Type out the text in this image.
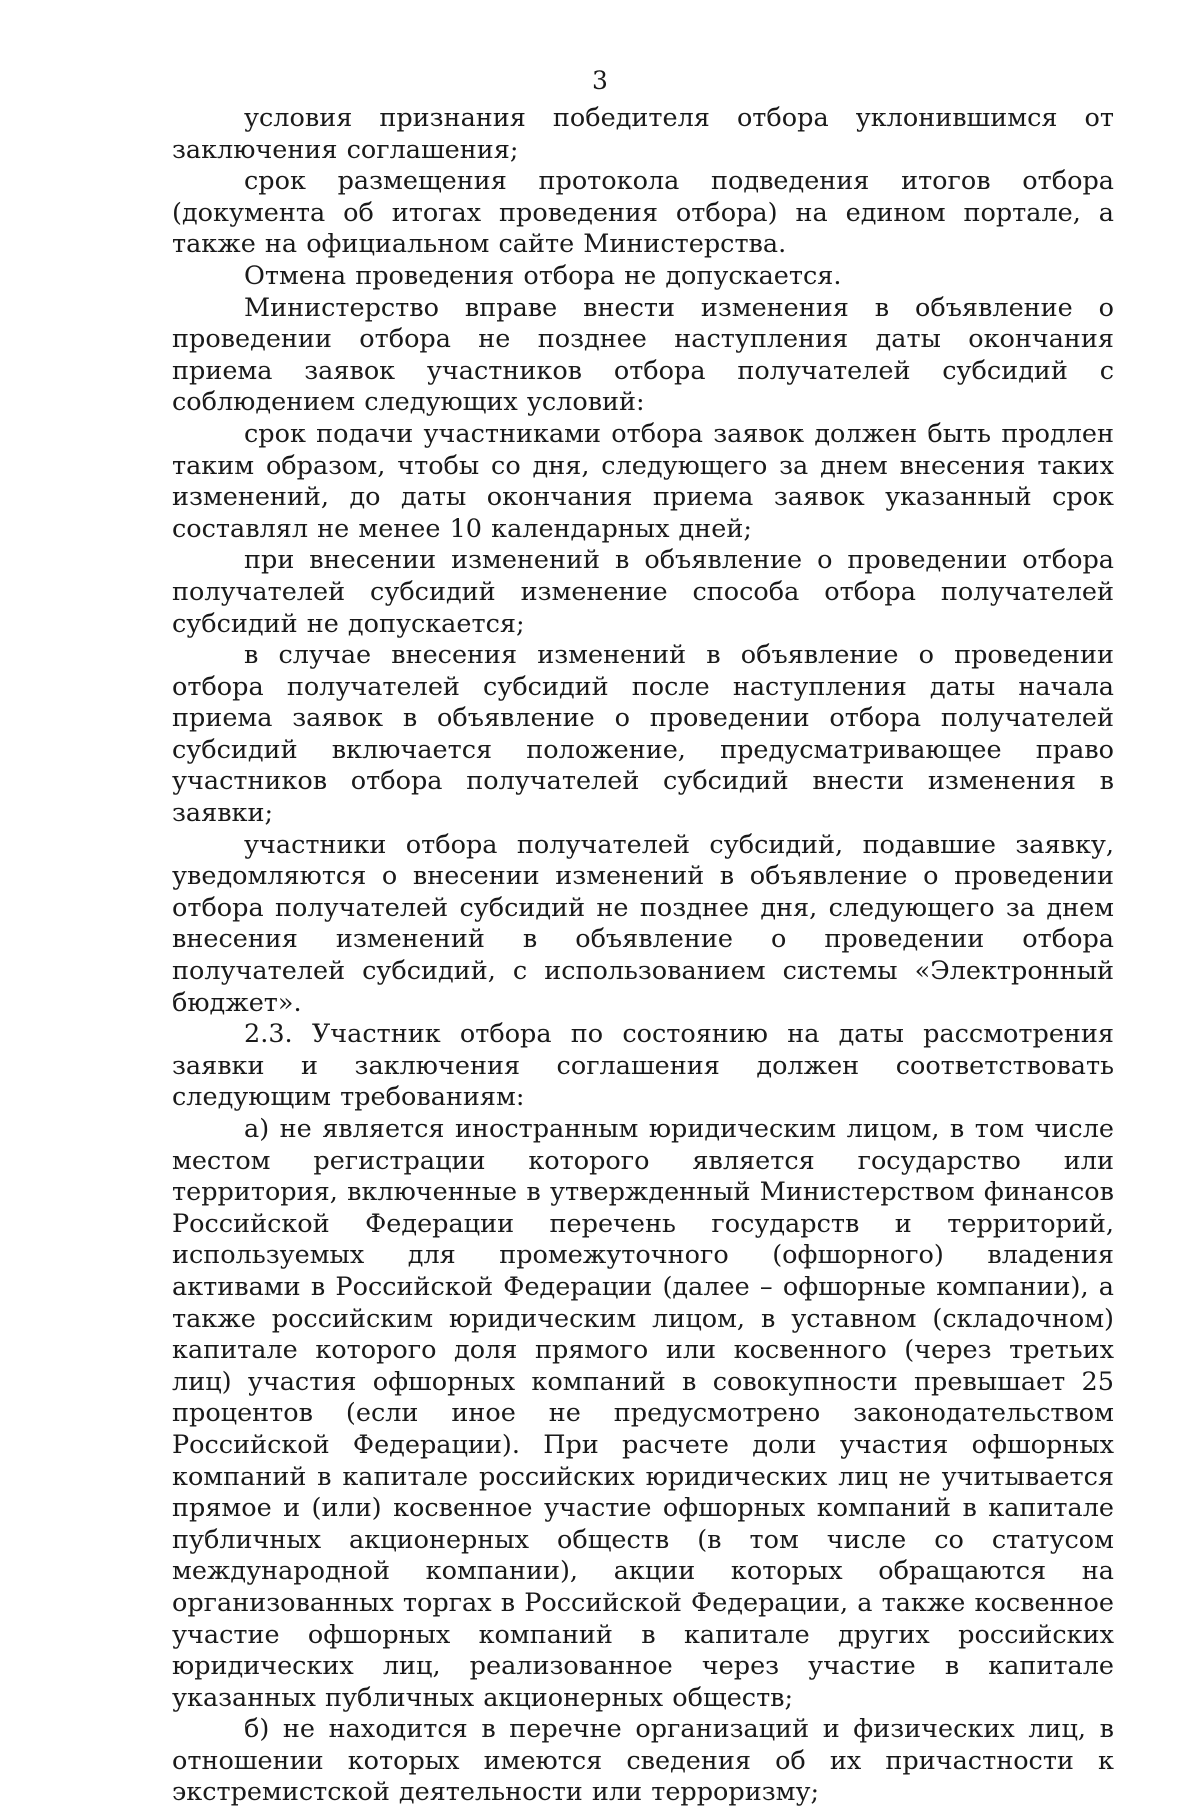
3

условия признания победителя отбора уклонившимся от заключения соглашения;

срок размещения протокола подведения итогов отбора (документа об итогах проведения отбора) на едином портале, а также на официальном сайте Министерства.

Отмена проведения отбора не допускается.

Министерство вправе внести изменения в объявление о проведении отбора не позднее наступления даты окончания приема заявок участников отбора получателей субсидий с соблюдением следующих условий:

срок подачи участниками отбора заявок должен быть продлен таким образом, чтобы со дня, следующего за днем внесения таких изменений, до даты окончания приема заявок указанный срок составлял не менее 10 календарных дней;

при внесении изменений в объявление о проведении отбора получателей субсидий изменение способа отбора получателей субсидий не допускается;

в случае внесения изменений в объявление о проведении отбора получателей субсидий после наступления даты начала приема заявок в объявление о проведении отбора получателей субсидий включается положение, предусматривающее право участников отбора получателей субсидий внести изменения в заявки;

участники отбора получателей субсидий, подавшие заявку, уведомляются о внесении изменений в объявление о проведении отбора получателей субсидий не позднее дня, следующего за днем внесения изменений в объявление о проведении отбора получателей субсидий, с использованием системы «Электронный бюджет».

2.3. Участник отбора по состоянию на даты рассмотрения заявки и заключения соглашения должен соответствовать следующим требованиям:

а) не является иностранным юридическим лицом, в том числе местом регистрации которого является государство или территория, включенные в утвержденный Министерством финансов Российской Федерации перечень государств и территорий, используемых для промежуточного (офшорного) владения активами в Российской Федерации (далее – офшорные компании), а также российским юридическим лицом, в уставном (складочном) капитале которого доля прямого или косвенного (через третьих лиц) участия офшорных компаний в совокупности превышает 25 процентов (если иное не предусмотрено законодательством Российской Федерации). При расчете доли участия офшорных компаний в капитале российских юридических лиц не учитывается прямое и (или) косвенное участие офшорных компаний в капитале публичных акционерных обществ (в том числе со статусом международной компании), акции которых обращаются на организованных торгах в Российской Федерации, а также косвенное участие офшорных компаний в капитале других российских юридических лиц, реализованное через участие в капитале указанных публичных акционерных обществ;

б) не находится в перечне организаций и физических лиц, в отношении которых имеются сведения об их причастности к экстремистской деятельности или терроризму;
